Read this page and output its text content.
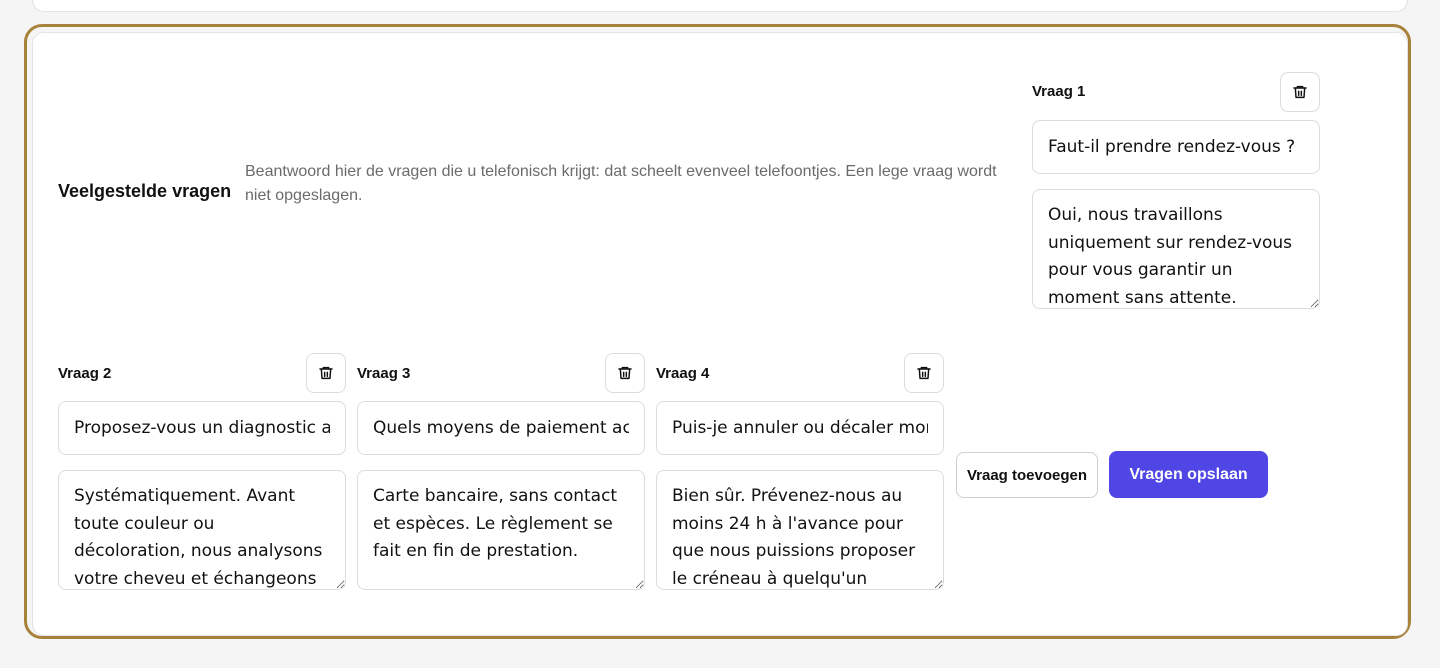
Veelgestelde vragen
Beantwoord hier de vragen die u telefonisch krijgt: dat scheelt evenveel telefoontjes. Een lege vraag wordt niet opgeslagen.
Vraag 1
Faut-il prendre rendez-vous ?
Oui, nous travaillons uniquement sur rendez-vous pour vous garantir un moment sans attente. Réservez en
Vraag 2
Proposez-vous un diagnostic a
Systématiquement. Avant toute couleur ou décoloration, nous analysons votre cheveu et échangeons sur le résultat	Vraag 3
Quels moyens de paiement acc
Carte bancaire, sans contact et espèces. Le règlement se fait en fin de prestation.	Vraag 4
Puis-je annuler ou décaler mon
Bien sûr. Prévenez-nous au moins 24 h à l'avance pour que nous puissions proposer le créneau à quelqu'un
Vraag toevoegen	Vragen opslaan
